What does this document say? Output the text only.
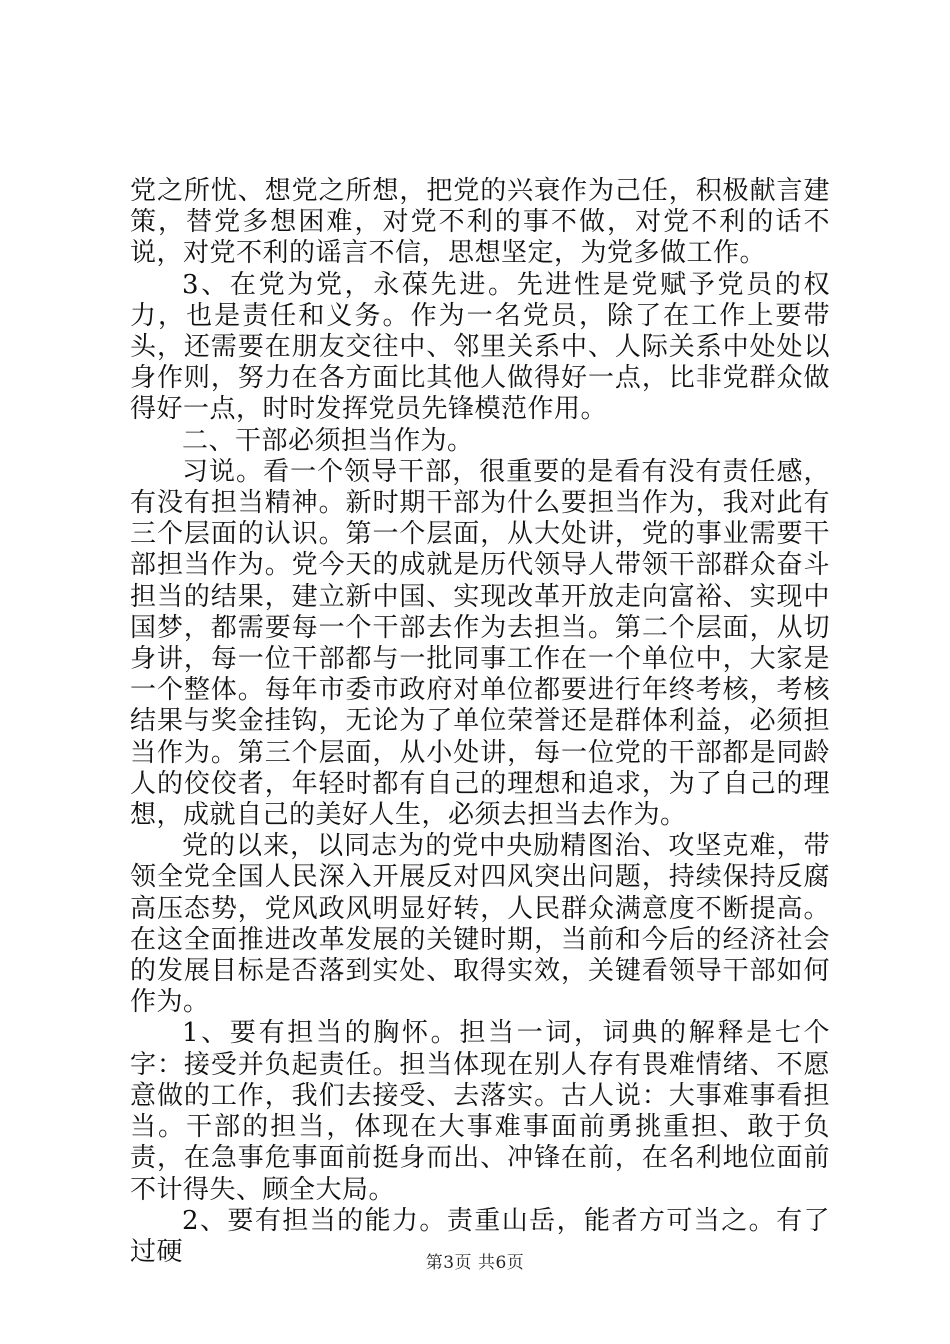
党之所忧、想党之所想，把党的兴衰作为己任，积极献言建策，替党多想困难，对党不利的事不做，对党不利的话不说，对党不利的谣言不信，思想坚定，为党多做工作。

3、在党为党，永葆先进。先进性是党赋予党员的权力，也是责任和义务。作为一名党员，除了在工作上要带头，还需要在朋友交往中、邻里关系中、人际关系中处处以身作则，努力在各方面比其他人做得好一点，比非党群众做得好一点，时时发挥党员先锋模范作用。

二、干部必须担当作为。

习说。看一个领导干部，很重要的是看有没有责任感，有没有担当精神。新时期干部为什么要担当作为，我对此有三个层面的认识。第一个层面，从大处讲，党的事业需要干部担当作为。党今天的成就是历代领导人带领干部群众奋斗担当的结果，建立新中国、实现改革开放走向富裕、实现中国梦，都需要每一个干部去作为去担当。第二个层面，从切身讲，每一位干部都与一批同事工作在一个单位中，大家是一个整体。每年市委市政府对单位都要进行年终考核，考核结果与奖金挂钩，无论为了单位荣誉还是群体利益，必须担当作为。第三个层面，从小处讲，每一位党的干部都是同龄人的佼佼者，年轻时都有自己的理想和追求，为了自己的理想，成就自己的美好人生，必须去担当去作为。

党的以来，以同志为的党中央励精图治、攻坚克难，带领全党全国人民深入开展反对四风突出问题，持续保持反腐高压态势，党风政风明显好转，人民群众满意度不断提高。在这全面推进改革发展的关键时期，当前和今后的经济社会的发展目标是否落到实处、取得实效，关键看领导干部如何作为。

1、要有担当的胸怀。担当一词，词典的解释是七个字：接受并负起责任。担当体现在别人存有畏难情绪、不愿意做的工作，我们去接受、去落实。古人说：大事难事看担当。干部的担当，体现在大事难事面前勇挑重担、敢于负责，在急事危事面前挺身而出、冲锋在前，在名利地位面前不计得失、顾全大局。

2、要有担当的能力。责重山岳，能者方可当之。有了过硬	第3页 共6页
